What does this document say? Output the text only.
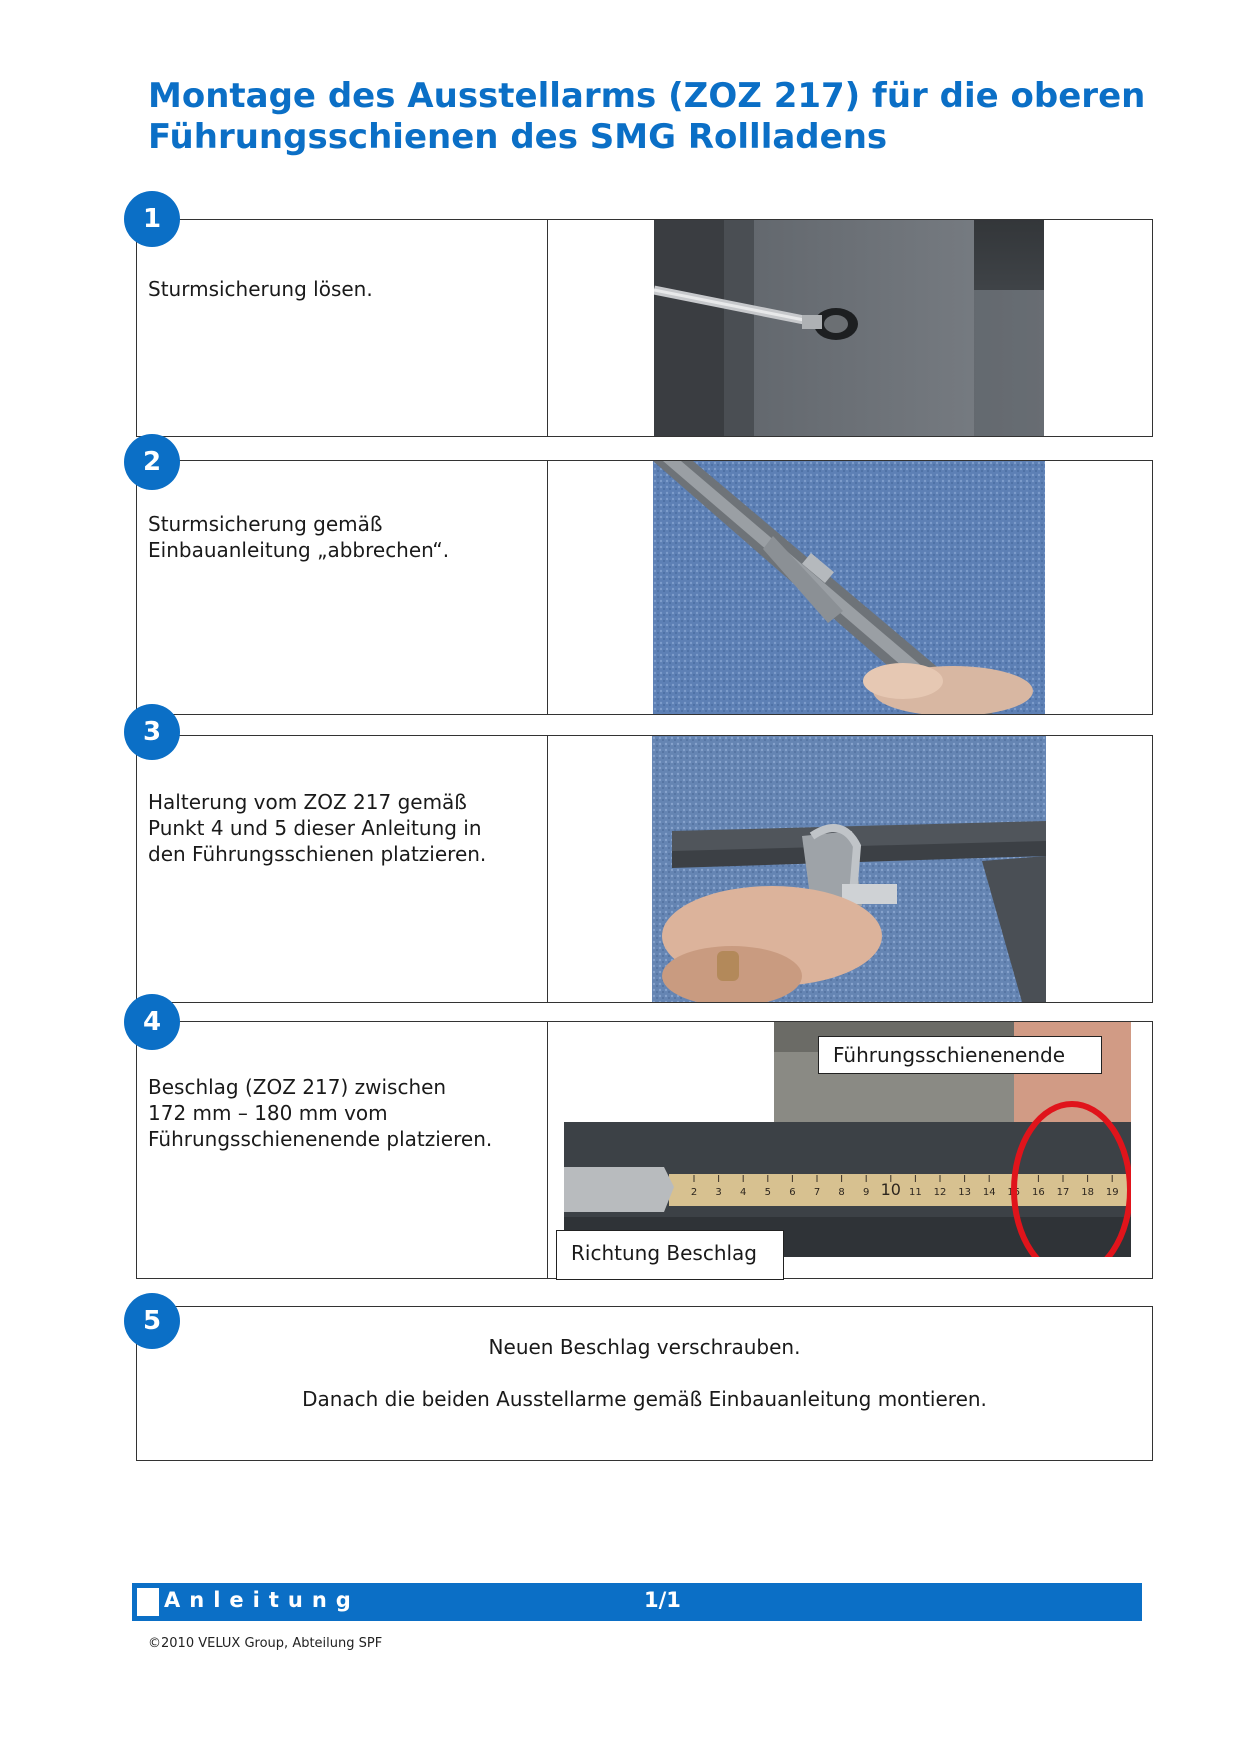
Montage des Ausstellarms (ZOZ 217) für die oberen Führungsschienen des SMG Rollladens
1
Sturmsicherung lösen.
2
Sturmsicherung gemäß
Einbauanleitung „abbrechen“.
3
Halterung vom ZOZ 217 gemäß
Punkt 4 und 5 dieser Anleitung in
den Führungsschienen platzieren.
4
Beschlag (ZOZ 217) zwischen
172 mm – 180 mm vom
Führungsschienenende platzieren.
2 3 4 5 6 7 8 9 10 11 12 13 14 15 16 17 18 19
Führungsschienenende
Richtung Beschlag
5
Neuen Beschlag verschrauben.
Danach die beiden Ausstellarme gemäß Einbauanleitung montieren.
Anleitung	1/1
©2010 VELUX Group, Abteilung SPF
